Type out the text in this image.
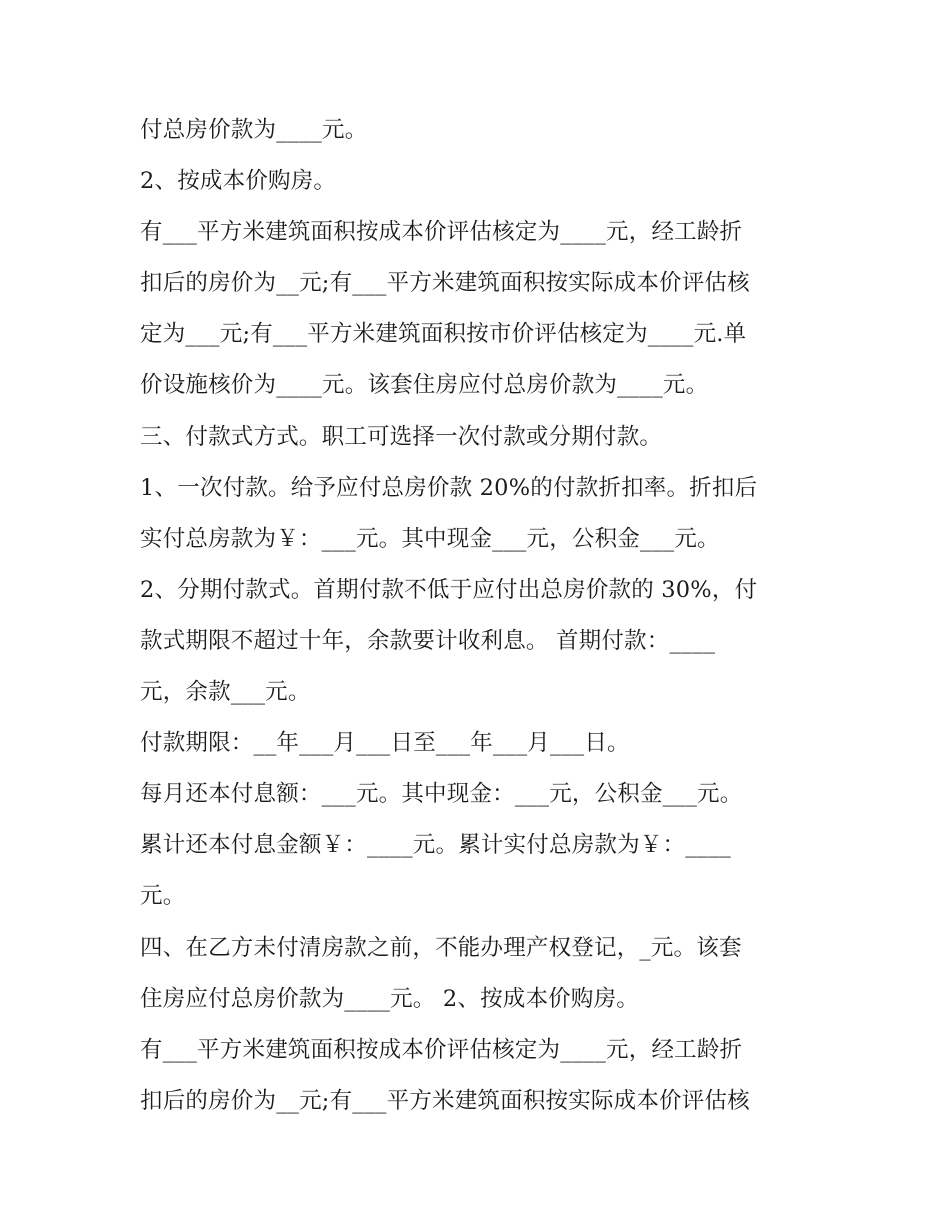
付总房价款为____元。
2、按成本价购房。
有___平方米建筑面积按成本价评估核定为____元，经工龄折
扣后的房价为__元;有___平方米建筑面积按实际成本价评估核
定为___元;有___平方米建筑面积按市价评估核定为____元.单
价设施核价为____元。该套住房应付总房价款为____元。
三、付款式方式。职工可选择一次付款或分期付款。
1、一次付款。给予应付总房价款 20%的付款折扣率。折扣后
实付总房款为￥：___元。其中现金___元，公积金___元。
2、分期付款式。首期付款不低于应付出总房价款的 30%，付
款式期限不超过十年，余款要计收利息。 首期付款：____
元，余款___元。
付款期限：__年___月___日至___年___月___日。
每月还本付息额：___元。其中现金：___元，公积金___元。
累计还本付息金额￥：____元。累计实付总房款为￥：____
元。
四、在乙方未付清房款之前，不能办理产权登记，_元。该套
住房应付总房价款为____元。 2、按成本价购房。
有___平方米建筑面积按成本价评估核定为____元，经工龄折
扣后的房价为__元;有___平方米建筑面积按实际成本价评估核
